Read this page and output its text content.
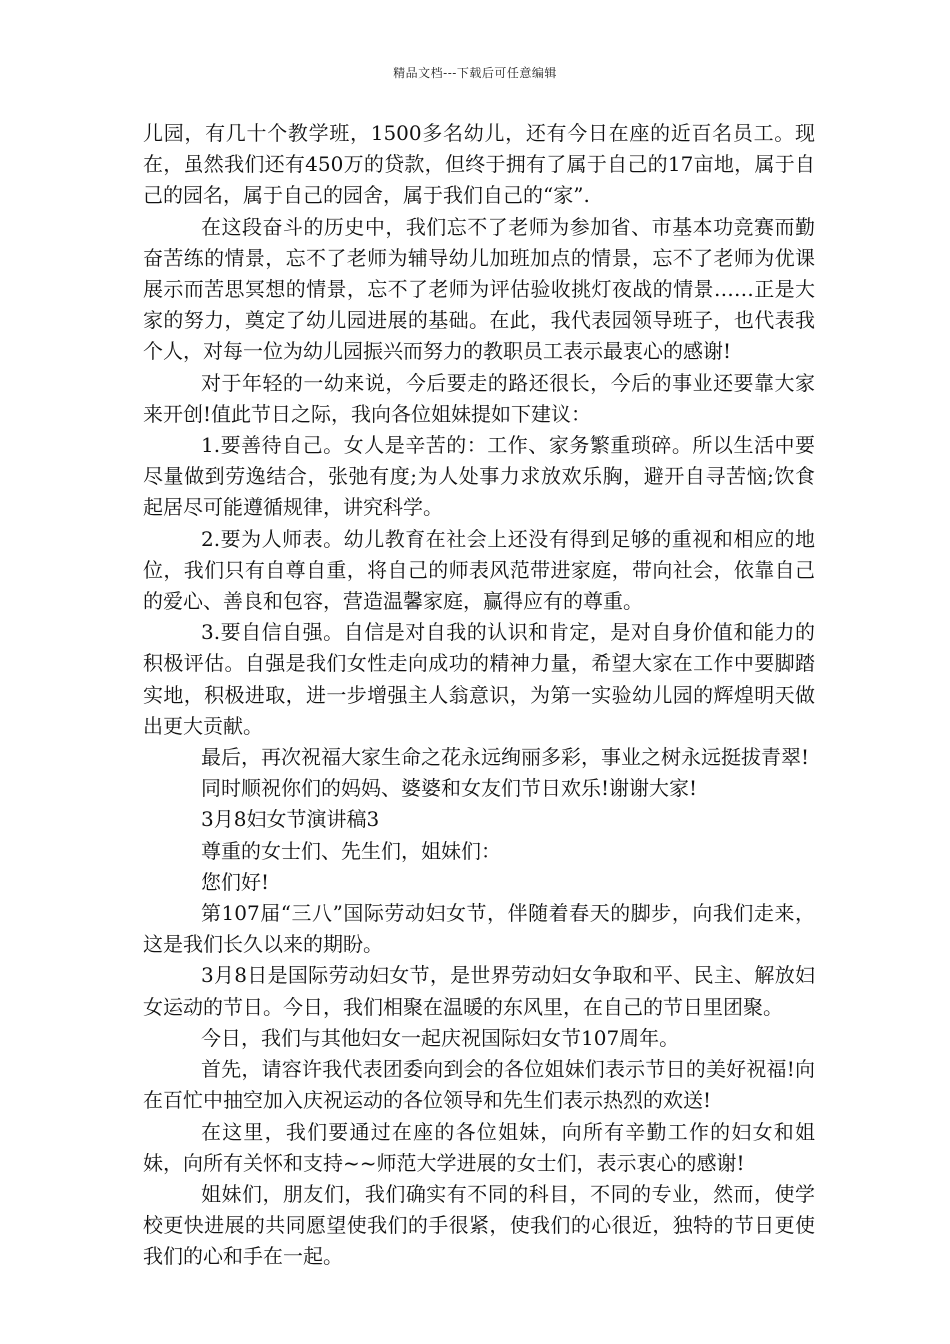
精品文档---下载后可任意编辑

儿园，有几十个教学班，1500多名幼儿，还有今日在座的近百名员工。现在，虽然我们还有450万的贷款，但终于拥有了属于自己的17亩地，属于自己的园名，属于自己的园舍，属于我们自己的“家”.

在这段奋斗的历史中，我们忘不了老师为参加省、市基本功竞赛而勤奋苦练的情景，忘不了老师为辅导幼儿加班加点的情景，忘不了老师为优课展示而苦思冥想的情景，忘不了老师为评估验收挑灯夜战的情景……正是大家的努力，奠定了幼儿园进展的基础。在此，我代表园领导班子，也代表我个人，对每一位为幼儿园振兴而努力的教职员工表示最衷心的感谢!

对于年轻的一幼来说，今后要走的路还很长，今后的事业还要靠大家来开创!值此节日之际，我向各位姐妹提如下建议：

1.要善待自己。女人是辛苦的：工作、家务繁重琐碎。所以生活中要尽量做到劳逸结合，张弛有度;为人处事力求放欢乐胸，避开自寻苦恼;饮食起居尽可能遵循规律，讲究科学。

2.要为人师表。幼儿教育在社会上还没有得到足够的重视和相应的地位，我们只有自尊自重，将自己的师表风范带进家庭，带向社会，依靠自己的爱心、善良和包容，营造温馨家庭，赢得应有的尊重。

3.要自信自强。自信是对自我的认识和肯定，是对自身价值和能力的积极评估。自强是我们女性走向成功的精神力量，希望大家在工作中要脚踏实地，积极进取，进一步增强主人翁意识，为第一实验幼儿园的辉煌明天做出更大贡献。

最后，再次祝福大家生命之花永远绚丽多彩，事业之树永远挺拔青翠!

同时顺祝你们的妈妈、婆婆和女友们节日欢乐!谢谢大家!

3月8妇女节演讲稿3

尊重的女士们、先生们，姐妹们：

您们好!

第107届“三八”国际劳动妇女节，伴随着春天的脚步，向我们走来，这是我们长久以来的期盼。

3月8日是国际劳动妇女节，是世界劳动妇女争取和平、民主、解放妇女运动的节日。今日，我们相聚在温暖的东风里，在自己的节日里团聚。

今日，我们与其他妇女一起庆祝国际妇女节107周年。

首先，请容许我代表团委向到会的各位姐妹们表示节日的美好祝福!向在百忙中抽空加入庆祝运动的各位领导和先生们表示热烈的欢送!

在这里，我们要通过在座的各位姐妹，向所有辛勤工作的妇女和姐妹，向所有关怀和支持~~师范大学进展的女士们，表示衷心的感谢!

姐妹们，朋友们，我们确实有不同的科目，不同的专业，然而，使学校更快进展的共同愿望使我们的手很紧，使我们的心很近，独特的节日更使我们的心和手在一起。
